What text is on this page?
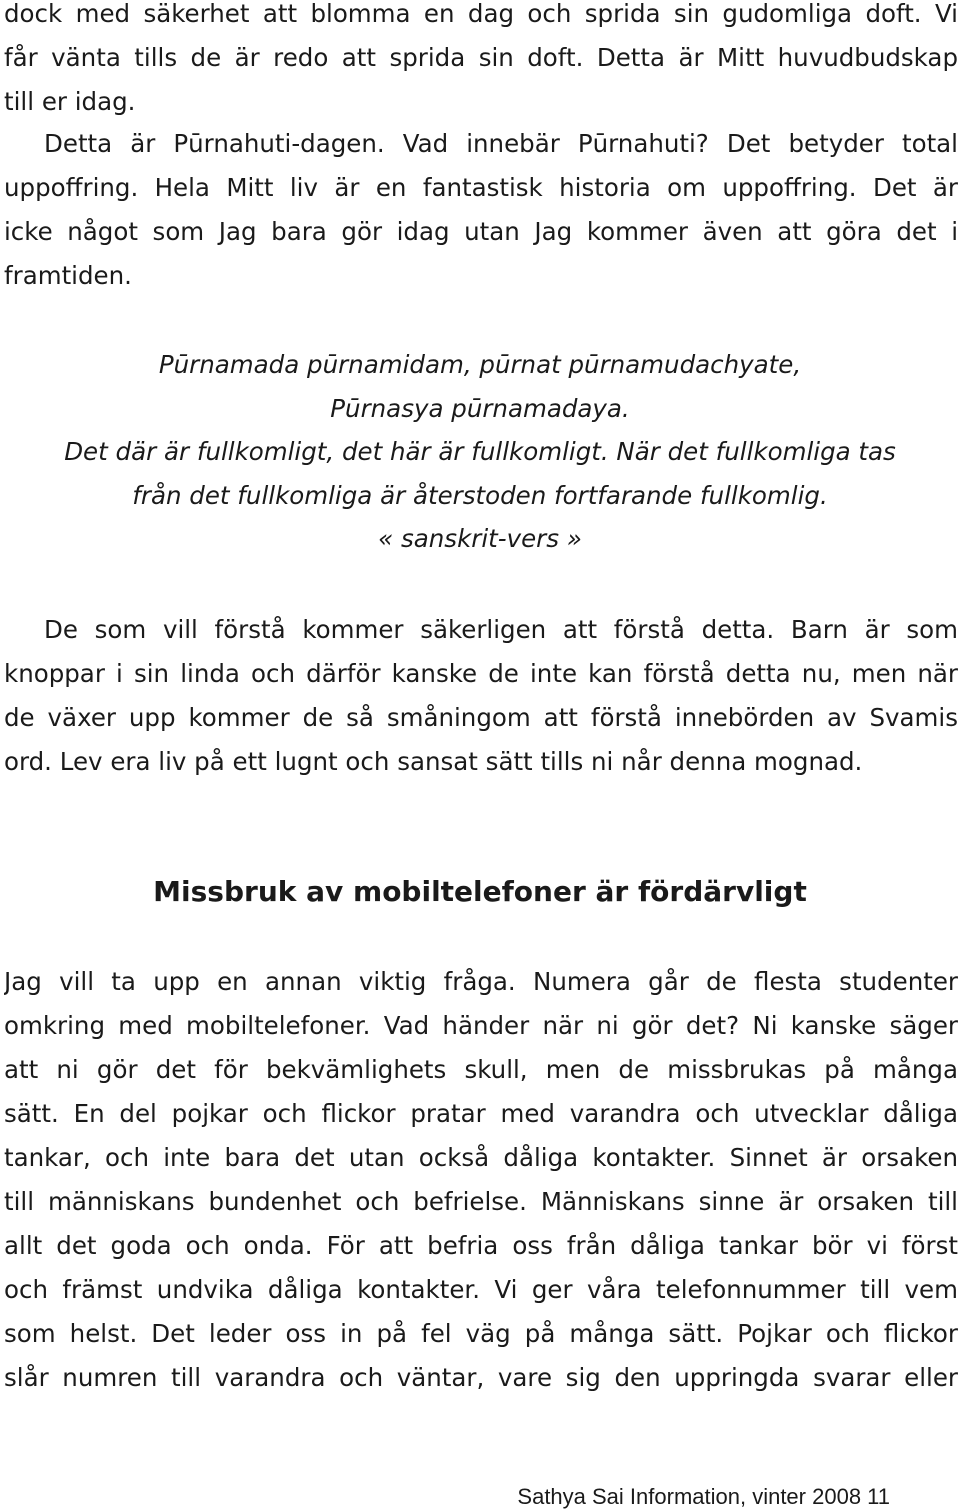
dock med säkerhet att blomma en dag och sprida sin gudomliga doft. Vi
får vänta tills de är redo att sprida sin doft. Detta är Mitt huvudbudskap
till er idag.
Detta är Pūrnahuti-dagen. Vad innebär Pūrnahuti? Det betyder total
uppoffring. Hela Mitt liv är en fantastisk historia om uppoffring. Det är
icke något som Jag bara gör idag utan Jag kommer även att göra det i
framtiden.
Pūrnamada pūrnamidam, pūrnat pūrnamudachyate,
Pūrnasya pūrnamadaya.
Det där är fullkomligt, det här är fullkomligt. När det fullkomliga tas
från det fullkomliga är återstoden fortfarande fullkomlig.
« sanskrit-vers »
De som vill förstå kommer säkerligen att förstå detta. Barn är som
knoppar i sin linda och därför kanske de inte kan förstå detta nu, men när
de växer upp kommer de så småningom att förstå innebörden av Svamis
ord. Lev era liv på ett lugnt och sansat sätt tills ni når denna mognad.
Missbruk av mobiltelefoner är fördärvligt
Jag vill ta upp en annan viktig fråga. Numera går de flesta studenter
omkring med mobiltelefoner. Vad händer när ni gör det? Ni kanske säger
att ni gör det för bekvämlighets skull, men de missbrukas på många
sätt. En del pojkar och flickor pratar med varandra och utvecklar dåliga
tankar, och inte bara det utan också dåliga kontakter. Sinnet är orsaken
till människans bundenhet och befrielse. Människans sinne är orsaken till
allt det goda och onda. För att befria oss från dåliga tankar bör vi först
och främst undvika dåliga kontakter. Vi ger våra telefonnummer till vem
som helst. Det leder oss in på fel väg på många sätt. Pojkar och flickor
slår numren till varandra och väntar, vare sig den uppringda svarar eller
Sathya Sai Information, vinter 2008 11
